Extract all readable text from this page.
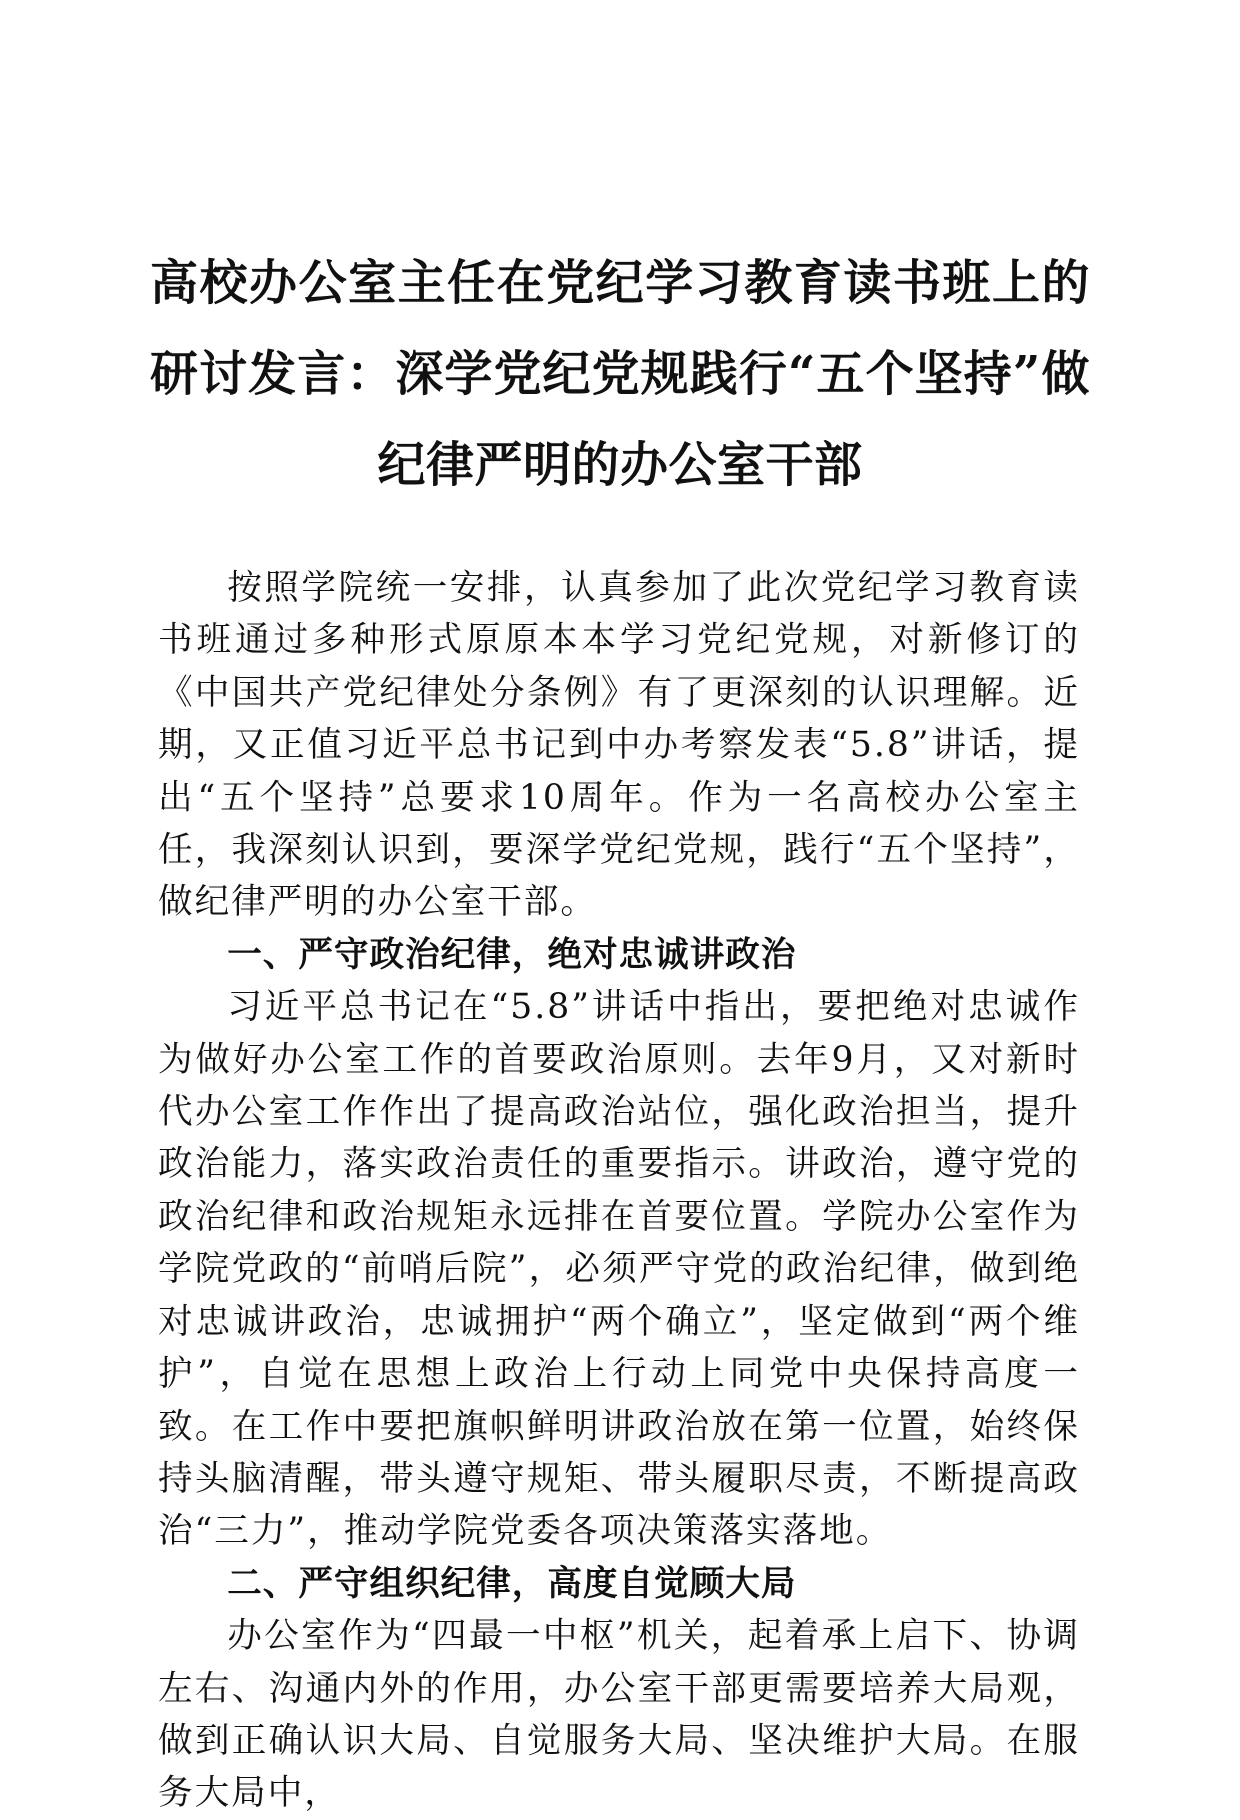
高校办公室主任在党纪学习教育读书班上的研讨发言：深学党纪党规践行“五个坚持”做纪律严明的办公室干部

按照学院统一安排，认真参加了此次党纪学习教育读书班通过多种形式原原本本学习党纪党规，对新修订的《中国共产党纪律处分条例》有了更深刻的认识理解。近期，又正值习近平总书记到中办考察发表“5.8”讲话，提出“五个坚持”总要求10周年。作为一名高校办公室主任，我深刻认识到，要深学党纪党规，践行“五个坚持”，做纪律严明的办公室干部。

一、严守政治纪律，绝对忠诚讲政治

习近平总书记在“5.8”讲话中指出，要把绝对忠诚作为做好办公室工作的首要政治原则。去年9月，又对新时代办公室工作作出了提高政治站位，强化政治担当，提升政治能力，落实政治责任的重要指示。讲政治，遵守党的政治纪律和政治规矩永远排在首要位置。学院办公室作为学院党政的“前哨后院”，必须严守党的政治纪律，做到绝对忠诚讲政治，忠诚拥护“两个确立”，坚定做到“两个维护”，自觉在思想上政治上行动上同党中央保持高度一致。在工作中要把旗帜鲜明讲政治放在第一位置，始终保持头脑清醒，带头遵守规矩、带头履职尽责，不断提高政治“三力”，推动学院党委各项决策落实落地。

二、严守组织纪律，高度自觉顾大局

办公室作为“四最一中枢”机关，起着承上启下、协调左右、沟通内外的作用，办公室干部更需要培养大局观，做到正确认识大局、自觉服务大局、坚决维护大局。在服务大局中，
